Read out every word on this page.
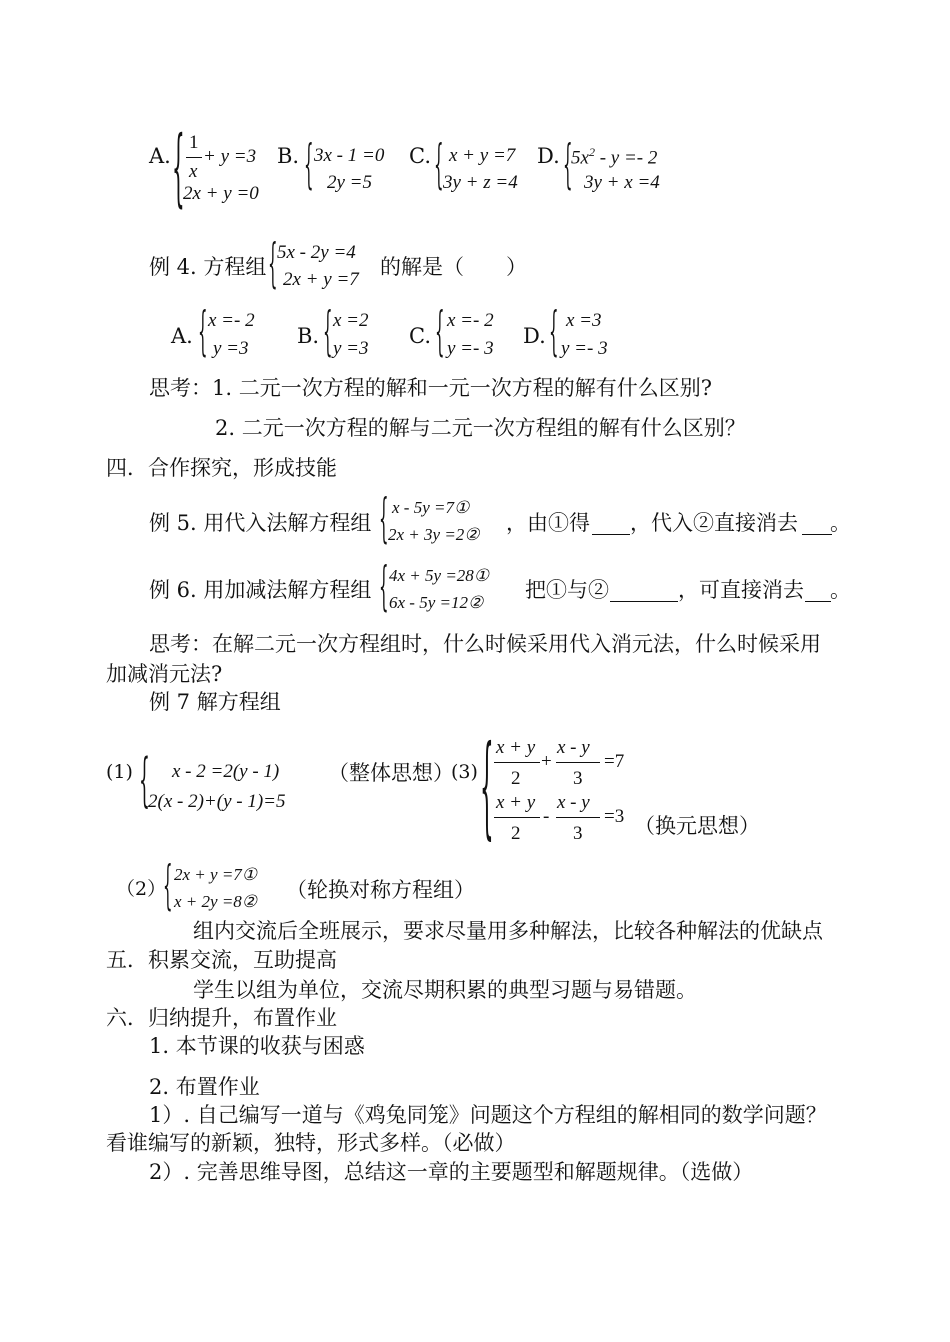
A. { 1
x
+ y =3
2x + y =0
B. { 3x - 1 =0
2y =5
C. { x + y =7
3y + z =4
D. {
$5x^2 - y =- 2$
3y + x =4
例 4. 方程组 { 5x - 2y =4
2x + y =7
的解是（　　）
A. { x =- 2
y =3
B. { x =2
y =3
C. { x =- 2
y =- 3
D. { x =3
y =- 3
思考：1. 二元一次方程的解和一元一次方程的解有什么区别?
2. 二元一次方程的解与二元一次方程组的解有什么区别？
四．合作探究，形成技能
例 5. 用代入法解方程组 { x - 5y =7①
2x + 3y =2② ，由①得 ，代入②直接消去 。
例 6. 用加减法解方程组 { 4x + 5y =28①
6x - 5y =12②
把①与②	，可直接消去 。
思考：在解二元一次方程组时，什么时候采用代入消元法，什么时候采用
加减消元法?
例 7 解方程组
(1) { x - 2 =2(y - 1)
2(x - 2)+(y - 1)=5
（整体思想）
(3) { x + y
2
+
x - y
3
=7
x + y
2
-
x - y
3
=3 （换元思想）
（2）
{ 2x + y =7①
x + 2y =8② （轮换对称方程组）
组内交流后全班展示，要求尽量用多种解法，比较各种解法的优缺点
五．积累交流，互助提高
学生以组为单位，交流尽期积累的典型习题与易错题。
六．归纳提升，布置作业
1. 本节课的收获与困惑
2. 布置作业
1）. 自己编写一道与《鸡兔同笼》问题这个方程组的解相同的数学问题？
看谁编写的新颖，独特，形式多样。（必做）
2）. 完善思维导图，总结这一章的主要题型和解题规律。（选做）
